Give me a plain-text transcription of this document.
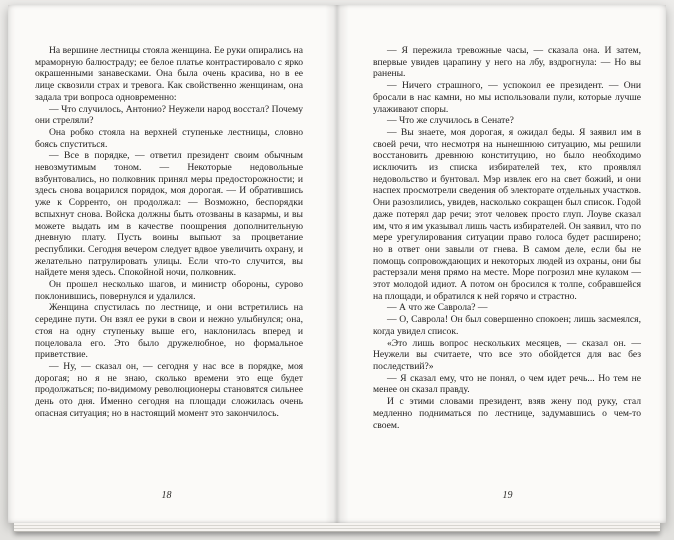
На вершине лестницы стояла женщина. Ее руки опирались на мраморную балюстраду; ее белое платье контрастировало с ярко окрашенными занавесками. Она была очень красива, но в ее лице сквозили страх и тревога. Как свойственно женщинам, она задала три вопроса одновременно:

— Что случилось, Антонио? Неужели народ восстал? Почему они стреляли?

Она робко стояла на верхней ступеньке лестницы, словно боясь спуститься.

— Все в порядке, — ответил президент своим обычным невозмутимым тоном. — Некоторые недовольные взбунтовались, но полковник принял меры предосторожности; и здесь снова воцарился порядок, моя дорогая. — И обратившись уже к Сорренто, он продолжал: — Возможно, беспорядки вспыхнут снова. Войска должны быть отозваны в казармы, и вы можете выдать им в качестве поощрения дополнительную дневную плату. Пусть воины выпьют за процветание республики. Сегодня вечером следует вдвое увеличить охрану, и желательно патрулировать улицы. Если что-то случится, вы найдете меня здесь. Спокойной ночи, полковник.

Он прошел несколько шагов, и министр обороны, сурово поклонившись, повернулся и удалился.

Женщина спустилась по лестнице, и они встретились на середине пути. Он взял ее руки в свои и нежно улыбнулся; она, стоя на одну ступеньку выше его, наклонилась вперед и поцеловала его. Это было дружелюбное, но формальное приветствие.

— Ну, — сказал он, — сегодня у нас все в порядке, моя дорогая; но я не знаю, сколько времени это еще будет продолжаться; по-видимому революционеры становятся сильнее день ото дня. Именно сегодня на площади сложилась очень опасная ситуация; но в настоящий момент это закончилось.

18

— Я пережила тревожные часы, — сказала она. И затем, впервые увидев царапину у него на лбу, вздрогнула: — Но вы ранены.

— Ничего страшного, — успокоил ее президент. — Они бросали в нас камни, но мы использовали пули, которые лучше улаживают споры.

— Что же случилось в Сенате?

— Вы знаете, моя дорогая, я ожидал беды. Я заявил им в своей речи, что несмотря на нынешнюю ситуацию, мы решили восстановить древнюю конституцию, но было необходимо исключить из списка избирателей тех, кто проявлял недовольство и бунтовал. Мэр извлек его на свет божий, и они наспех просмотрели сведения об электорате отдельных участков. Они разозлились, увидев, насколько сокращен был список. Годой даже потерял дар речи; этот человек просто глуп. Лоуве сказал им, что я им указывал лишь часть избирателей. Он заявил, что по мере урегулирования ситуации право голоса будет расширено; но в ответ они завыли от гнева. В самом деле, если бы не помощь сопровождающих и некоторых людей из охраны, они бы растерзали меня прямо на месте. Море погрозил мне кулаком — этот молодой идиот. А потом он бросился к толпе, собравшейся на площади, и обратился к ней горячо и страстно.

— А что же Саврола? —

— О, Саврола! Он был совершенно спокоен; лишь засмеялся, когда увидел список.

«Это лишь вопрос нескольких месяцев, — сказал он. — Неужели вы считаете, что все это обойдется для вас без последствий?»

— Я сказал ему, что не понял, о чем идет речь... Но тем не менее он сказал правду.

И с этими словами президент, взяв жену под руку, стал медленно подниматься по лестнице, задумавшись о чем-то своем.

19
